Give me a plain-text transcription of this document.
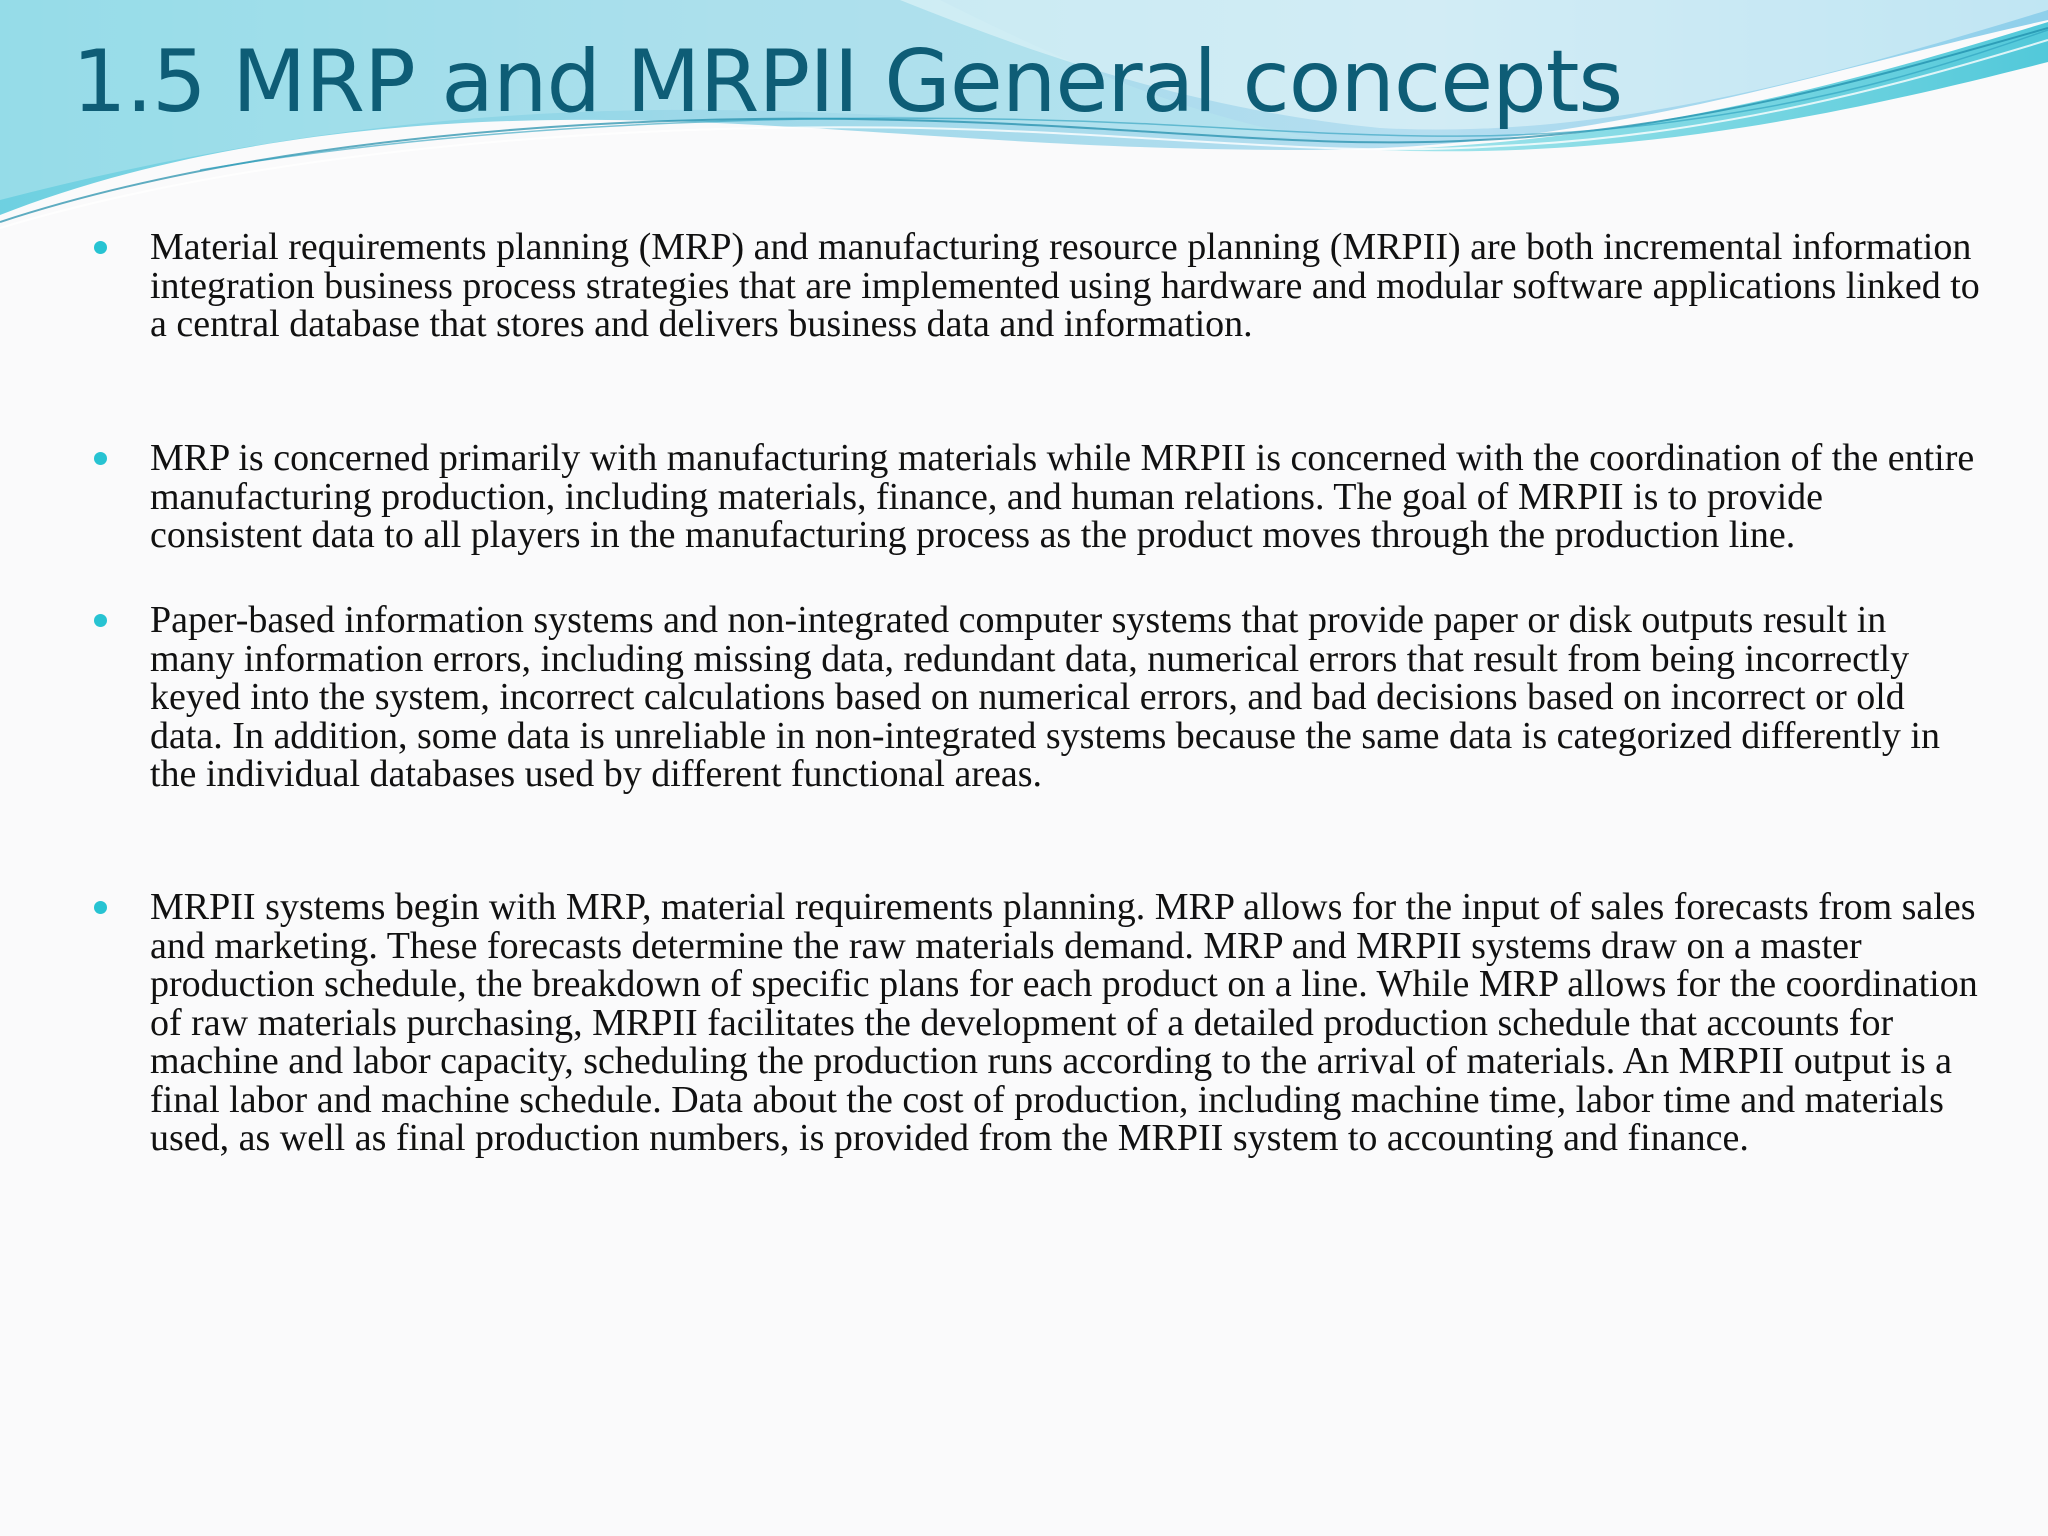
1.5 MRP and MRPII General concepts
Material requirements planning (MRP) and manufacturing resource planning (MRPII) are both incremental information integration business process strategies that are implemented using hardware and modular software applications linked to a central database that stores and delivers business data and information.
MRP is concerned primarily with manufacturing materials while MRPII is concerned with the coordination of the entire manufacturing production, including materials, finance, and human relations. The goal of MRPII is to provide consistent data to all players in the manufacturing process as the product moves through the production line.
Paper-based information systems and non-integrated computer systems that provide paper or disk outputs result in many information errors, including missing data, redundant data, numerical errors that result from being incorrectly keyed into the system, incorrect calculations based on numerical errors, and bad decisions based on incorrect or old data. In addition, some data is unreliable in non-integrated systems because the same data is categorized differently in the individual databases used by different functional areas.
MRPII systems begin with MRP, material requirements planning. MRP allows for the input of sales forecasts from sales and marketing. These forecasts determine the raw materials demand. MRP and MRPII systems draw on a master production schedule, the breakdown of specific plans for each product on a line. While MRP allows for the coordination of raw materials purchasing, MRPII facilitates the development of a detailed production schedule that accounts for machine and labor capacity, scheduling the production runs according to the arrival of materials. An MRPII output is a final labor and machine schedule. Data about the cost of production, including machine time, labor time and materials used, as well as final production numbers, is provided from the MRPII system to accounting and finance.
